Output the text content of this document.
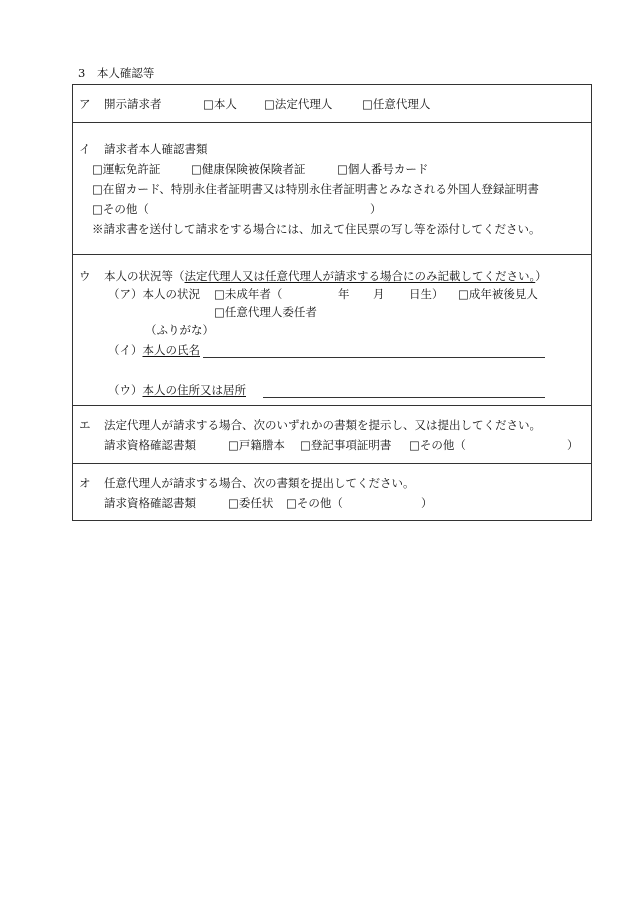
3　本人確認等
ア 開示請求者	□本人 □法定代理人	□任意代理人
イ 請求者本人確認書類
□運転免許証	□健康保険被保険者証	□個人番号カード
□在留カード、特別永住者証明書又は特別永住者証明書とみなされる外国人登録証明書
□その他（	）
※請求書を送付して請求をする場合には、加えて住民票の写し等を添付してください。
ウ 本人の状況等（法定代理人又は任意代理人が請求する場合にのみ記載してください。）
（ア）本人の状況 □未成年者（	年 月 日生） □成年被後見人
□任意代理人委任者
（ふりがな）
（イ）本人の氏名
（ウ）本人の住所又は居所
エ 法定代理人が請求する場合、次のいずれかの書類を提示し、又は提出してください。
請求資格確認書類	□戸籍謄本 □登記事項証明書 □その他（	）
オ 任意代理人が請求する場合、次の書類を提出してください。
請求資格確認書類	□委任状 □その他（	）
